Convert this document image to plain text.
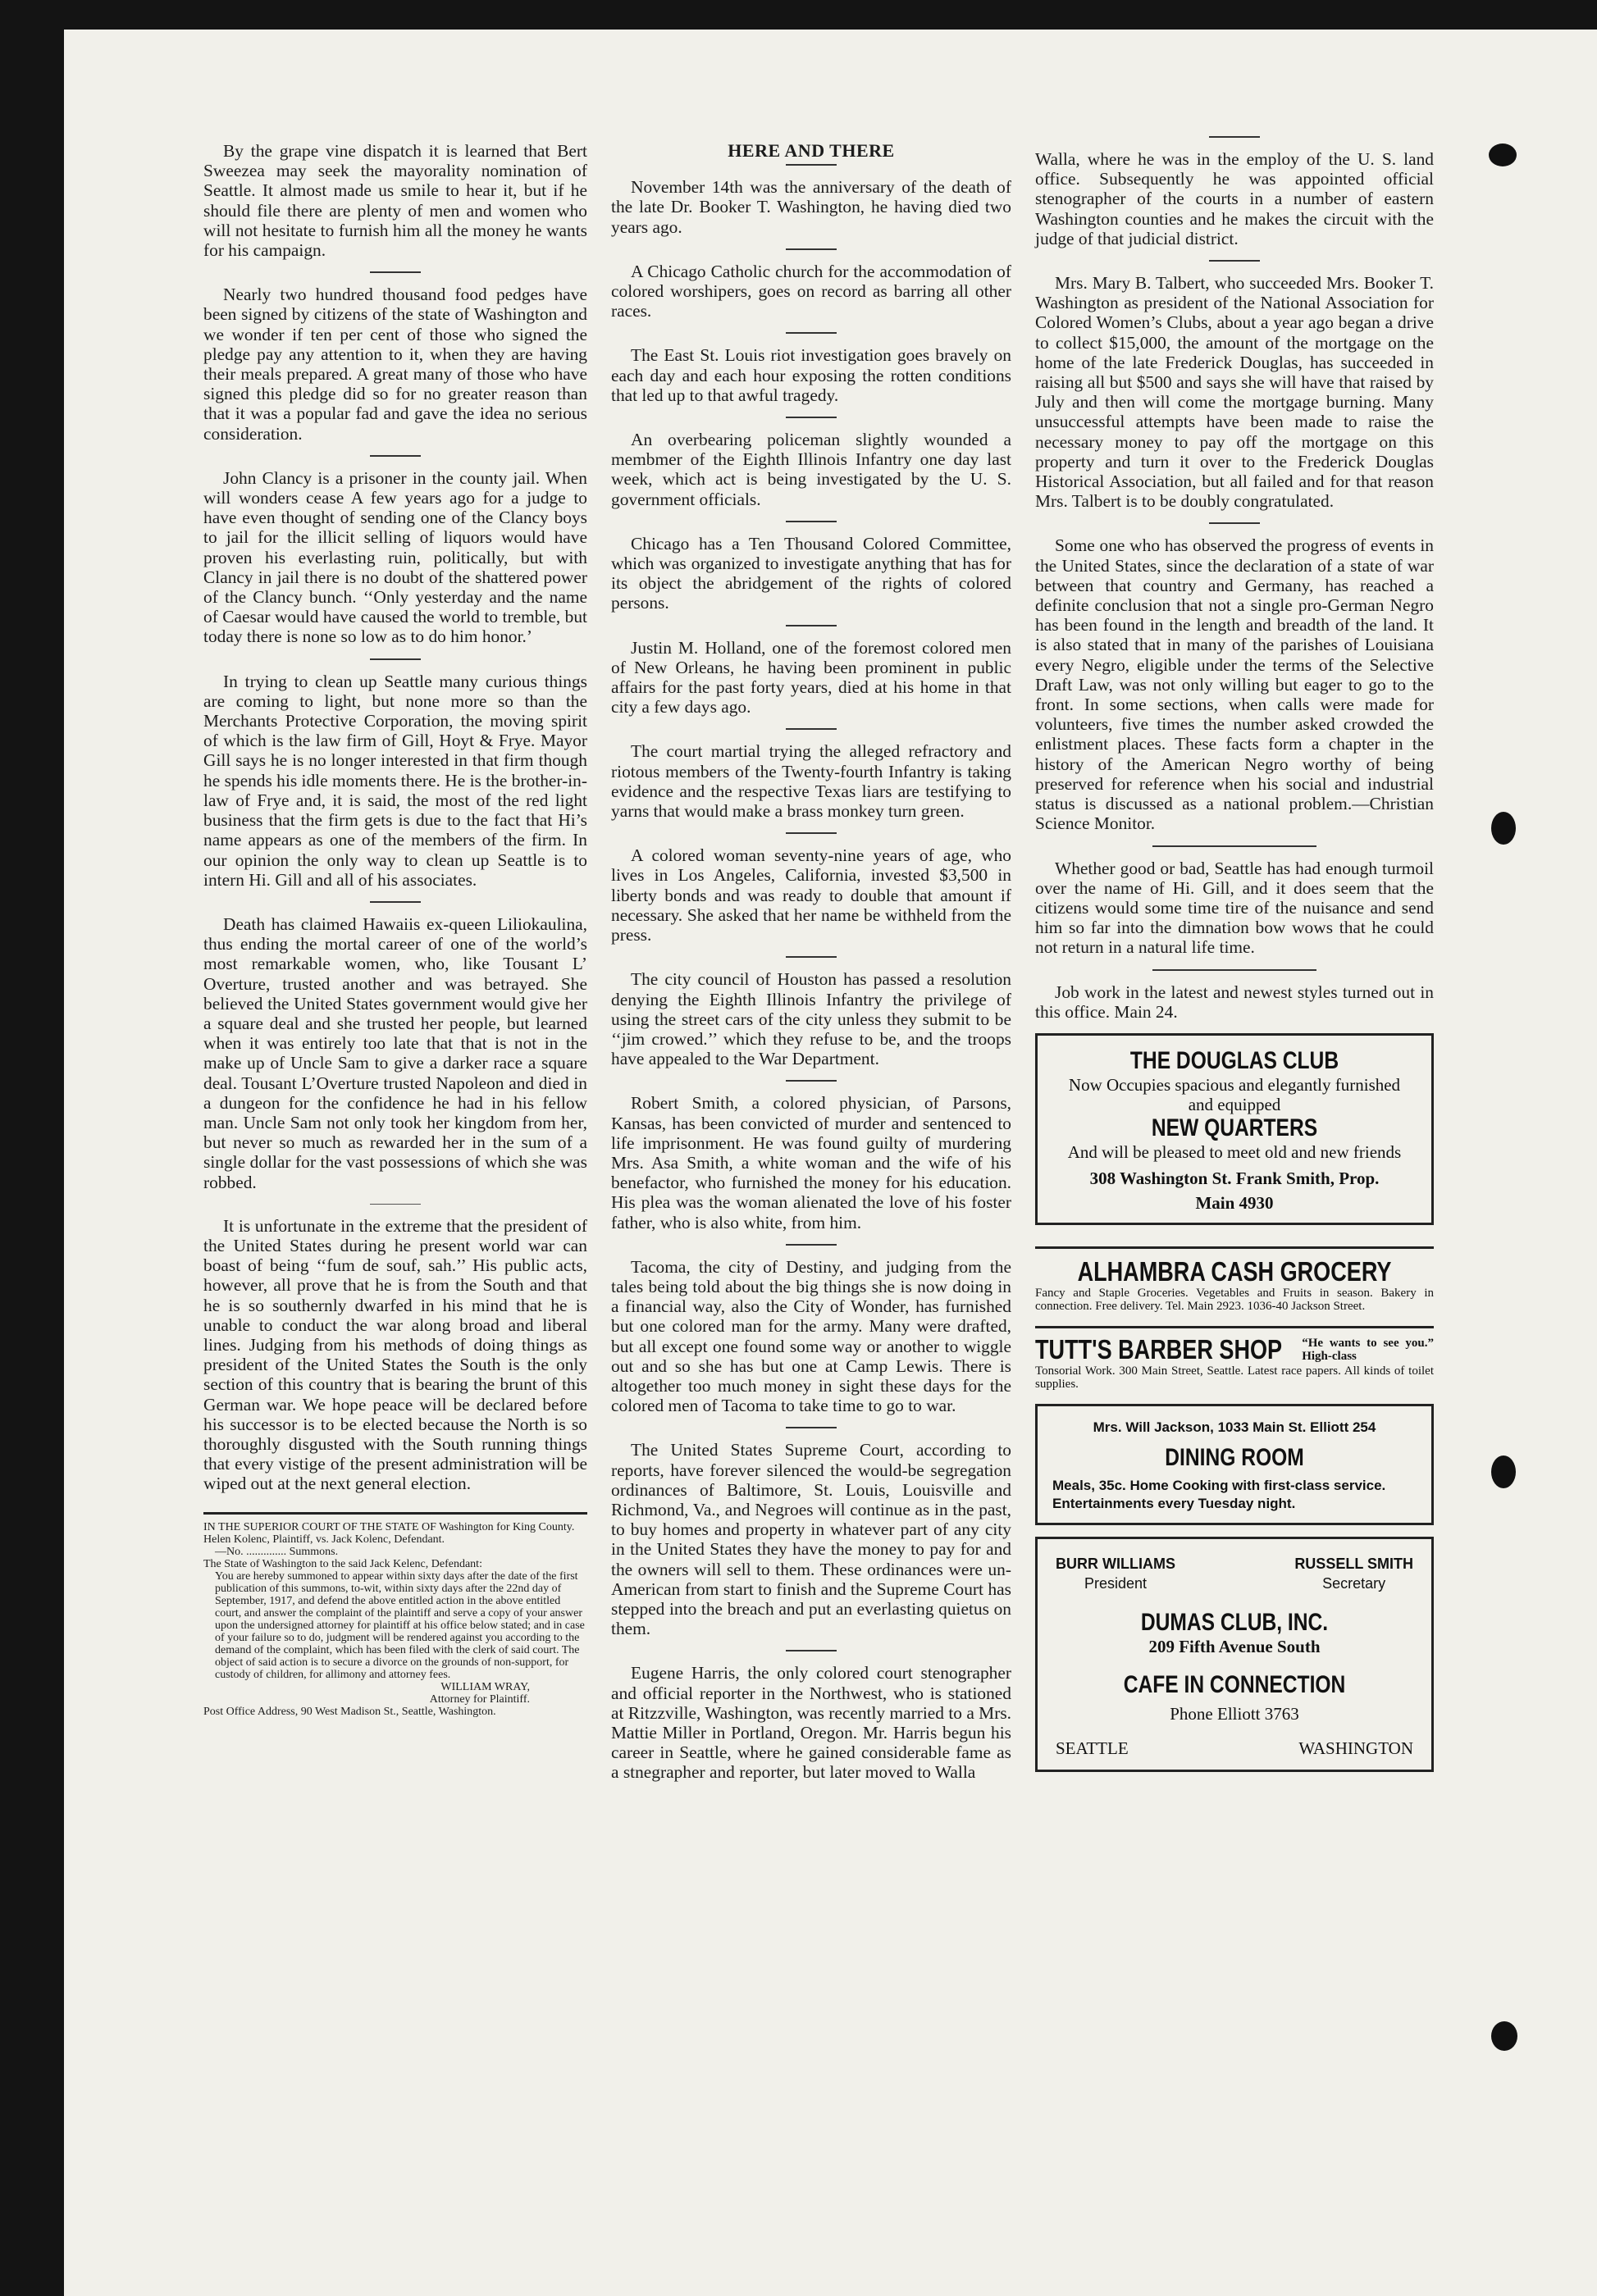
By the grape vine dispatch it is learned that Bert Sweezea may seek the mayorality nomination of Seattle. It almost made us smile to hear it, but if he should file there are plenty of men and women who will not hesitate to furnish him all the money he wants for his campaign.

Nearly two hundred thousand food pedges have been signed by citizens of the state of Washington and we wonder if ten per cent of those who signed the pledge pay any attention to it, when they are having their meals prepared. A great many of those who have signed this pledge did so for no greater reason than that it was a popular fad and gave the idea no serious consideration.

John Clancy is a prisoner in the county jail. When will wonders cease A few years ago for a judge to have even thought of sending one of the Clancy boys to jail for the illicit selling of liquors would have proven his everlasting ruin, politically, but with Clancy in jail there is no doubt of the shattered power of the Clancy bunch. ‘‘Only yesterday and the name of Caesar would have caused the world to tremble, but today there is none so low as to do him honor.’

In trying to clean up Seattle many curious things are coming to light, but none more so than the Merchants Protective Corporation, the moving spirit of which is the law firm of Gill, Hoyt & Frye. Mayor Gill says he is no longer interested in that firm though he spends his idle moments there. He is the brother-in-law of Frye and, it is said, the most of the red light business that the firm gets is due to the fact that Hi’s name appears as one of the members of the firm. In our opinion the only way to clean up Seattle is to intern Hi. Gill and all of his associates.

Death has claimed Hawaiis ex-queen Liliokaulina, thus ending the mortal career of one of the world’s most remarkable women, who, like Tousant L’ Overture, trusted another and was betrayed. She believed the United States government would give her a square deal and she trusted her people, but learned when it was entirely too late that that is not in the make up of Uncle Sam to give a darker race a square deal. Tousant L’Overture trusted Napoleon and died in a dungeon for the confidence he had in his fellow man. Uncle Sam not only took her kingdom from her, but never so much as rewarded her in the sum of a single dollar for the vast possessions of which she was robbed.

It is unfortunate in the extreme that the president of the United States during he present world war can boast of being ‘‘fum de souf, sah.’’ His public acts, however, all prove that he is from the South and that he is so southernly dwarfed in his mind that he is unable to conduct the war along broad and liberal lines. Judging from his methods of doing things as president of the United States the South is the only section of this country that is bearing the brunt of this German war. We hope peace will be declared before his successor is to be elected because the North is so thoroughly disgusted with the South running things that every vistige of the present administration will be wiped out at the next general election.

IN THE SUPERIOR COURT OF THE STATE OF Washington for King County.

Helen Kolenc, Plaintiff, vs. Jack Kolenc, Defendant.

—No. .............. Summons.

The State of Washington to the said Jack Kelenc, Defendant:

You are hereby summoned to appear within sixty days after the date of the first publication of this summons, to-wit, within sixty days after the 22nd day of September, 1917, and defend the above entitled action in the above entitled court, and answer the complaint of the plaintiff and serve a copy of your answer upon the undersigned attorney for plaintiff at his office below stated; and in case of your failure so to do, judgment will be rendered against you according to the demand of the complaint, which has been filed with the clerk of said court. The object of said action is to secure a divorce on the grounds of non-support, for custody of children, for allimony and attorney fees.

WILLIAM WRAY,

Attorney for Plaintiff.

Post Office Address, 90 West Madison St., Seattle, Washington.

HERE AND THERE

November 14th was the anniversary of the death of the late Dr. Booker T. Washington, he having died two years ago.

A Chicago Catholic church for the accommodation of colored worshipers, goes on record as barring all other races.

The East St. Louis riot investigation goes bravely on each day and each hour exposing the rotten conditions that led up to that awful tragedy.

An overbearing policeman slightly wounded a membmer of the Eighth Illinois Infantry one day last week, which act is being investigated by the U. S. government officials.

Chicago has a Ten Thousand Colored Committee, which was organized to investigate anything that has for its object the abridgement of the rights of colored persons.

Justin M. Holland, one of the foremost colored men of New Orleans, he having been prominent in public affairs for the past forty years, died at his home in that city a few days ago.

The court martial trying the alleged refractory and riotous members of the Twenty-fourth Infantry is taking evidence and the respective Texas liars are testifying to yarns that would make a brass monkey turn green.

A colored woman seventy-nine years of age, who lives in Los Angeles, California, invested $3,500 in liberty bonds and was ready to double that amount if necessary. She asked that her name be withheld from the press.

The city council of Houston has passed a resolution denying the Eighth Illinois Infantry the privilege of using the street cars of the city unless they submit to be ‘‘jim crowed.’’ which they refuse to be, and the troops have appealed to the War Department.

Robert Smith, a colored physician, of Parsons, Kansas, has been convicted of murder and sentenced to life imprisonment. He was found guilty of murdering Mrs. Asa Smith, a white woman and the wife of his benefactor, who furnished the money for his education. His plea was the woman alienated the love of his foster father, who is also white, from him.

Tacoma, the city of Destiny, and judging from the tales being told about the big things she is now doing in a financial way, also the City of Wonder, has furnished but one colored man for the army. Many were drafted, but all except one found some way or another to wiggle out and so she has but one at Camp Lewis. There is altogether too much money in sight these days for the colored men of Tacoma to take time to go to war.

The United States Supreme Court, according to reports, have forever silenced the would-be segregation ordinances of Baltimore, St. Louis, Louisville and Richmond, Va., and Negroes will continue as in the past, to buy homes and property in whatever part of any city in the United States they have the money to pay for and the owners will sell to them. These ordinances were un-American from start to finish and the Supreme Court has stepped into the breach and put an everlasting quietus on them.

Eugene Harris, the only colored court stenographer and official reporter in the Northwest, who is stationed at Ritzzville, Washington, was recently married to a Mrs. Mattie Miller in Portland, Oregon. Mr. Harris begun his career in Seattle, where he gained considerable fame as a stnegrapher and reporter, but later moved to Walla

Walla, where he was in the employ of the U. S. land office. Subsequently he was appointed official stenographer of the courts in a number of eastern Washington counties and he makes the circuit with the judge of that judicial district.

Mrs. Mary B. Talbert, who succeeded Mrs. Booker T. Washington as president of the National Association for Colored Women’s Clubs, about a year ago began a drive to collect $15,000, the amount of the mortgage on the home of the late Frederick Douglas, has succeeded in raising all but $500 and says she will have that raised by July and then will come the mortgage burning. Many unsuccessful attempts have been made to raise the necessary money to pay off the mortgage on this property and turn it over to the Frederick Douglas Historical Association, but all failed and for that reason Mrs. Talbert is to be doubly congratulated.

Some one who has observed the progress of events in the United States, since the declaration of a state of war between that country and Germany, has reached a definite conclusion that not a single pro-German Negro has been found in the length and breadth of the land. It is also stated that in many of the parishes of Louisiana every Negro, eligible under the terms of the Selective Draft Law, was not only willing but eager to go to the front. In some sections, when calls were made for volunteers, five times the number asked crowded the enlistment places. These facts form a chapter in the history of the American Negro worthy of being preserved for reference when his social and industrial status is discussed as a national problem.—Christian Science Monitor.

Whether good or bad, Seattle has had enough turmoil over the name of Hi. Gill, and it does seem that the citizens would some time tire of the nuisance and send him so far into the dimnation bow wows that he could not return in a natural life time.

Job work in the latest and newest styles turned out in this office. Main 24.

THE DOUGLAS CLUB
Now Occupies spacious and elegantly furnished and equipped
NEW QUARTERS
And will be pleased to meet old and new friends
308 Washington St. Frank Smith, Prop.
Main 4930
ALHAMBRA CASH GROCERY
Fancy and Staple Groceries. Vegetables and Fruits in season. Bakery in connection. Free delivery. Tel. Main 2923. 1036-40 Jackson Street.
TUTT'S BARBER SHOP “He wants to see you.” High-class
Tonsorial Work. 300 Main Street, Seattle. Latest race papers. All kinds of toilet supplies.
Mrs. Will Jackson, 1033 Main St. Elliott 254
DINING ROOM
Meals, 35c. Home Cooking with first-class service. Entertainments every Tuesday night.
BURR WILLIAMS
President
RUSSELL SMITH
Secretary
DUMAS CLUB, INC.
209 Fifth Avenue South
CAFE IN CONNECTION
Phone Elliott 3763
SEATTLE	WASHINGTON
